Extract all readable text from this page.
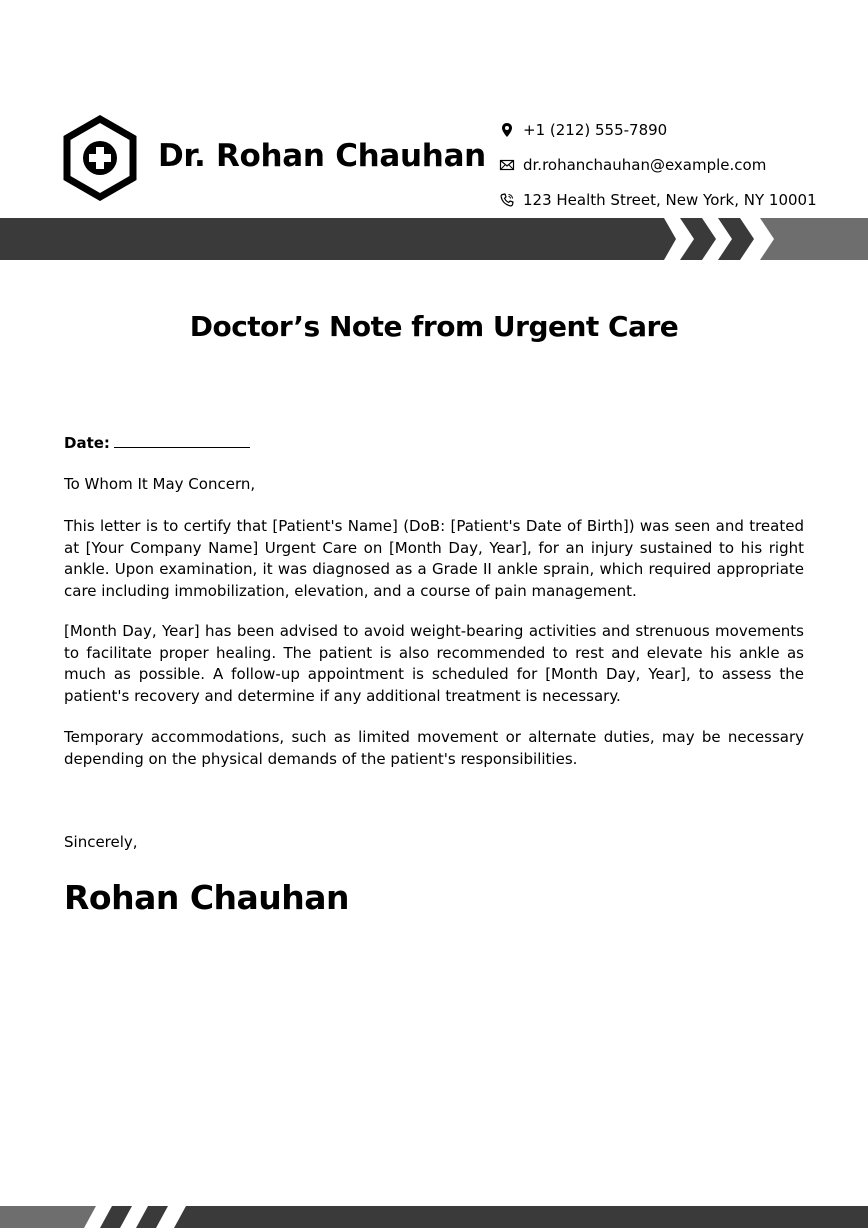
Dr. Rohan Chauhan
+1 (212) 555-7890
dr.rohanchauhan@example.com
123 Health Street, New York, NY 10001
Doctor’s Note from Urgent Care
Date:
To Whom It May Concern,
This letter is to certify that [Patient's Name] (DoB: [Patient's Date of Birth]) was seen and treated at [Your Company Name] Urgent Care on [Month Day, Year], for an injury sustained to his right ankle. Upon examination, it was diagnosed as a Grade II ankle sprain, which required appropriate care including immobilization, elevation, and a course of pain management.
[Month Day, Year] has been advised to avoid weight-bearing activities and strenuous movements to facilitate proper healing. The patient is also recommended to rest and elevate his ankle as much as possible. A follow-up appointment is scheduled for [Month Day, Year], to assess the patient's recovery and determine if any additional treatment is necessary.
Temporary accommodations, such as limited movement or alternate duties, may be necessary depending on the physical demands of the patient's responsibilities.
Sincerely,
Rohan Chauhan
